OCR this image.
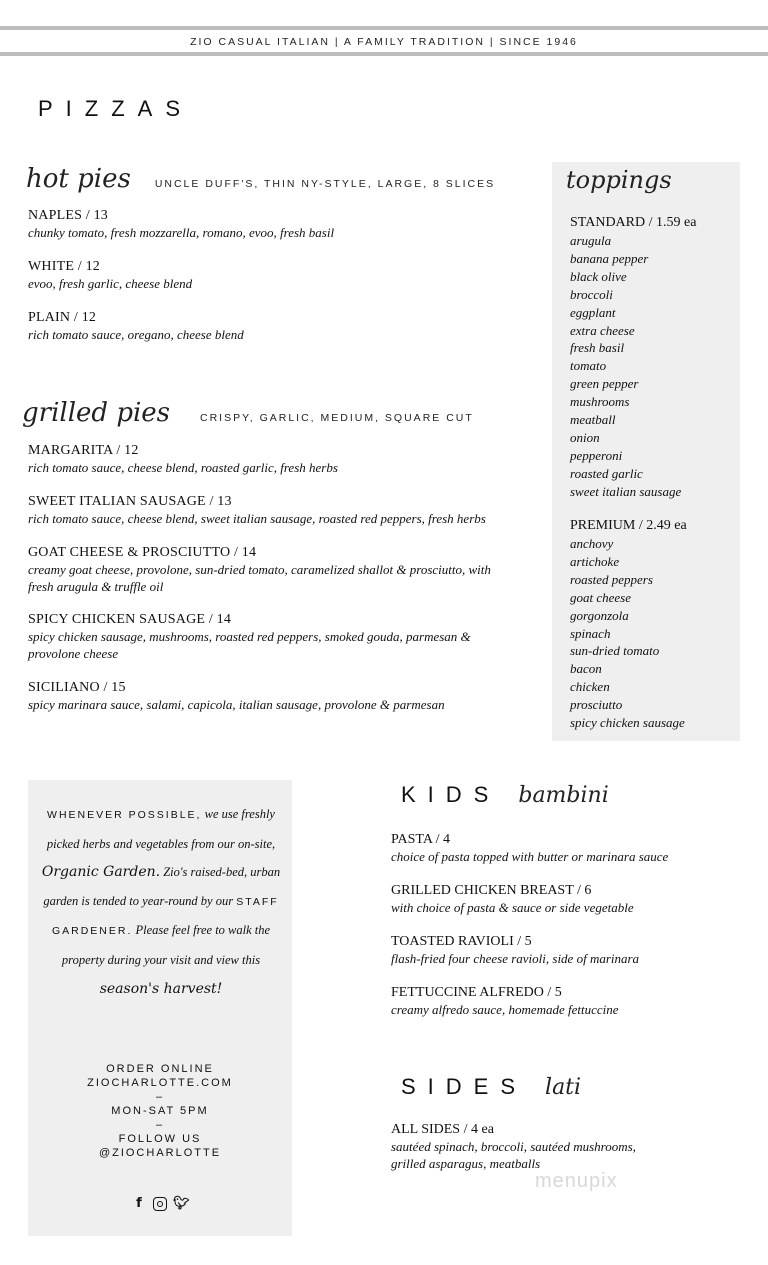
ZIO CASUAL ITALIAN | A FAMILY TRADITION | SINCE 1946
PIZZAS
hot pies UNCLE DUFF'S, THIN NY-STYLE, LARGE, 8 SLICES
NAPLES / 13
chunky tomato, fresh mozzarella, romano, evoo, fresh basil
WHITE / 12
evoo, fresh garlic, cheese blend
PLAIN / 12
rich tomato sauce, oregano, cheese blend
grilled pies	CRISPY, GARLIC, MEDIUM, SQUARE CUT
MARGARITA / 12
rich tomato sauce, cheese blend, roasted garlic, fresh herbs
SWEET ITALIAN SAUSAGE / 13
rich tomato sauce, cheese blend, sweet italian sausage, roasted red peppers, fresh herbs
GOAT CHEESE & PROSCIUTTO / 14
creamy goat cheese, provolone, sun-dried tomato, caramelized shallot & prosciutto, with fresh arugula & truffle oil
SPICY CHICKEN SAUSAGE / 14
spicy chicken sausage, mushrooms, roasted red peppers, smoked gouda, parmesan & provolone cheese
SICILIANO / 15
spicy marinara sauce, salami, capicola, italian sausage, provolone & parmesan
toppings
STANDARD / 1.59 ea
arugula
banana pepper
black olive
broccoli
eggplant
extra cheese
fresh basil
tomato
green pepper
mushrooms
meatball
onion
pepperoni
roasted garlic
sweet italian sausage
PREMIUM / 2.49 ea
anchovy
artichoke
roasted peppers
goat cheese
gorgonzola
spinach
sun-dried tomato
bacon
chicken
prosciutto
spicy chicken sausage
WHENEVER POSSIBLE, we use freshly picked herbs and vegetables from our on-site, Organic Garden. Zio's raised-bed, urban garden is tended to year-round by our STAFF GARDENER. Please feel free to walk the property during your visit and view this season's harvest!
ORDER ONLINE
ZIOCHARLOTTE.COM
–
MON-SAT 5PM
–
FOLLOW US
@ZIOCHARLOTTE
f	🐦︎
KIDS bambini
PASTA / 4
choice of pasta topped with butter or marinara sauce
GRILLED CHICKEN BREAST / 6
with choice of pasta & sauce or side vegetable
TOASTED RAVIOLI / 5
flash-fried four cheese ravioli, side of marinara
FETTUCCINE ALFREDO / 5
creamy alfredo sauce, homemade fettuccine
SIDES lati
ALL SIDES / 4 ea
sautéed spinach, broccoli, sautéed mushrooms, grilled asparagus, meatballs
menupix
